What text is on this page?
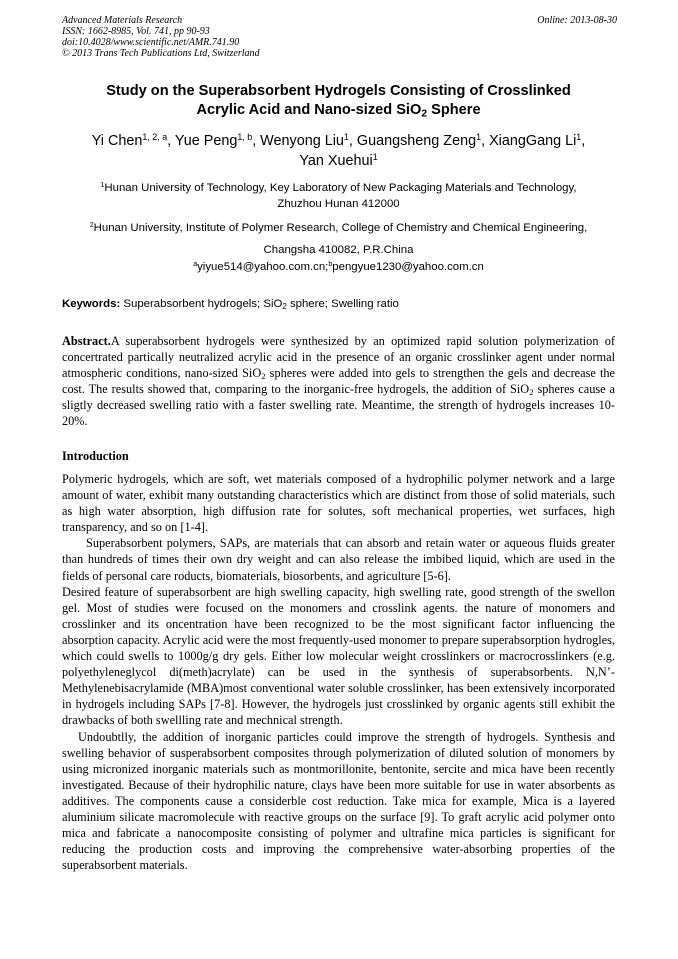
Advanced Materials Research
ISSN: 1662-8985, Vol. 741, pp 90-93
doi:10.4028/www.scientific.net/AMR.741.90
© 2013 Trans Tech Publications Ltd, Switzerland
Online: 2013-08-30
Study on the Superabsorbent Hydrogels Consisting of Crosslinked
Acrylic Acid and Nano-sized SiO$_2$ Sphere
Yi Chen$^{1, 2, a}$, Yue Peng$^{1, b}$, Wenyong Liu$^1$, Guangsheng Zeng$^1$, XiangGang Li$^1$,
Yan Xuehui$^1$
$^1$Hunan University of Technology, Key Laboratory of New Packaging Materials and Technology,
Zhuzhou Hunan 412000
$^2$Hunan University, Institute of Polymer Research, College of Chemistry and Chemical Engineering,
Changsha 410082, P.R.China
$^a$yiyue514@yahoo.com.cn;$^b$pengyue1230@yahoo.com.cn
Keywords: Superabsorbent hydrogels; SiO$_2$ sphere; Swelling ratio
Abstract.A superabsorbent hydrogels were synthesized by an optimized rapid solution polymerization of concertrated partically neutralized acrylic acid in the presence of an organic crosslinker agent under normal atmospheric conditions, nano-sized SiO$_2$ spheres were added into gels to strengthen the gels and decrease the cost. The results showed that, comparing to the inorganic-free hydrogels, the addition of SiO$_2$ spheres cause a sligtly decreased swelling ratio with a faster swelling rate. Meantime, the strength of hydrogels increases 10-20%.
Introduction

Polymeric hydrogels, which are soft, wet materials composed of a hydrophilic polymer network and a large amount of water, exhibit many outstanding characteristics which are distinct from those of solid materials, such as high water absorption, high diffusion rate for solutes, soft mechanical properties, wet surfaces, high transparency, and so on [1-4].

Superabsorbent polymers, SAPs, are materials that can absorb and retain water or aqueous fluids greater than hundreds of times their own dry weight and can also release the imbibed liquid, which are used in the fields of personal care roducts, biomaterials, biosorbents, and agriculture [5-6].

Desired feature of superabsorbent are high swelling capacity, high swelling rate, good strength of the swellon gel. Most of studies were focused on the monomers and crosslink agents. the nature of monomers and crosslinker and its oncentration have been recognized to be the most significant factor influencing the absorption capacity. Acrylic acid were the most frequently-used monomer to prepare superabsorption hydrogles, which could swells to 1000g/g dry gels. Either low molecular weight crosslinkers or macrocrosslinkers (e.g. polyethyleneglycol di(meth)acrylate) can be used in the synthesis of superabsorbents. N,N’-Methylenebisacrylamide (MBA)most conventional water soluble crosslinker, has been extensively incorporated in hydrogels including SAPs [7-8]. However, the hydrogels just crosslinked by organic agents still exhibit the drawbacks of both swellling rate and mechnical strength.

Undoubtlly, the addition of inorganic particles could improve the strength of hydrogels. Synthesis and swelling behavior of susperabsorbent composites through polymerization of diluted solution of monomers by using micronized inorganic materials such as montmorillonite, bentonite, sercite and mica have been recently investigated. Because of their hydrophilic nature, clays have been more suitable for use in water absorbents as additives. The components cause a considerble cost reduction. Take mica for example, Mica is a layered aluminium silicate macromolecule with reactive groups on the surface [9]. To graft acrylic acid polymer onto mica and fabricate a nanocomposite consisting of polymer and ultrafine mica particles is significant for reducing the production costs and improving the comprehensive water-absorbing properties of the superabsorbent materials.
